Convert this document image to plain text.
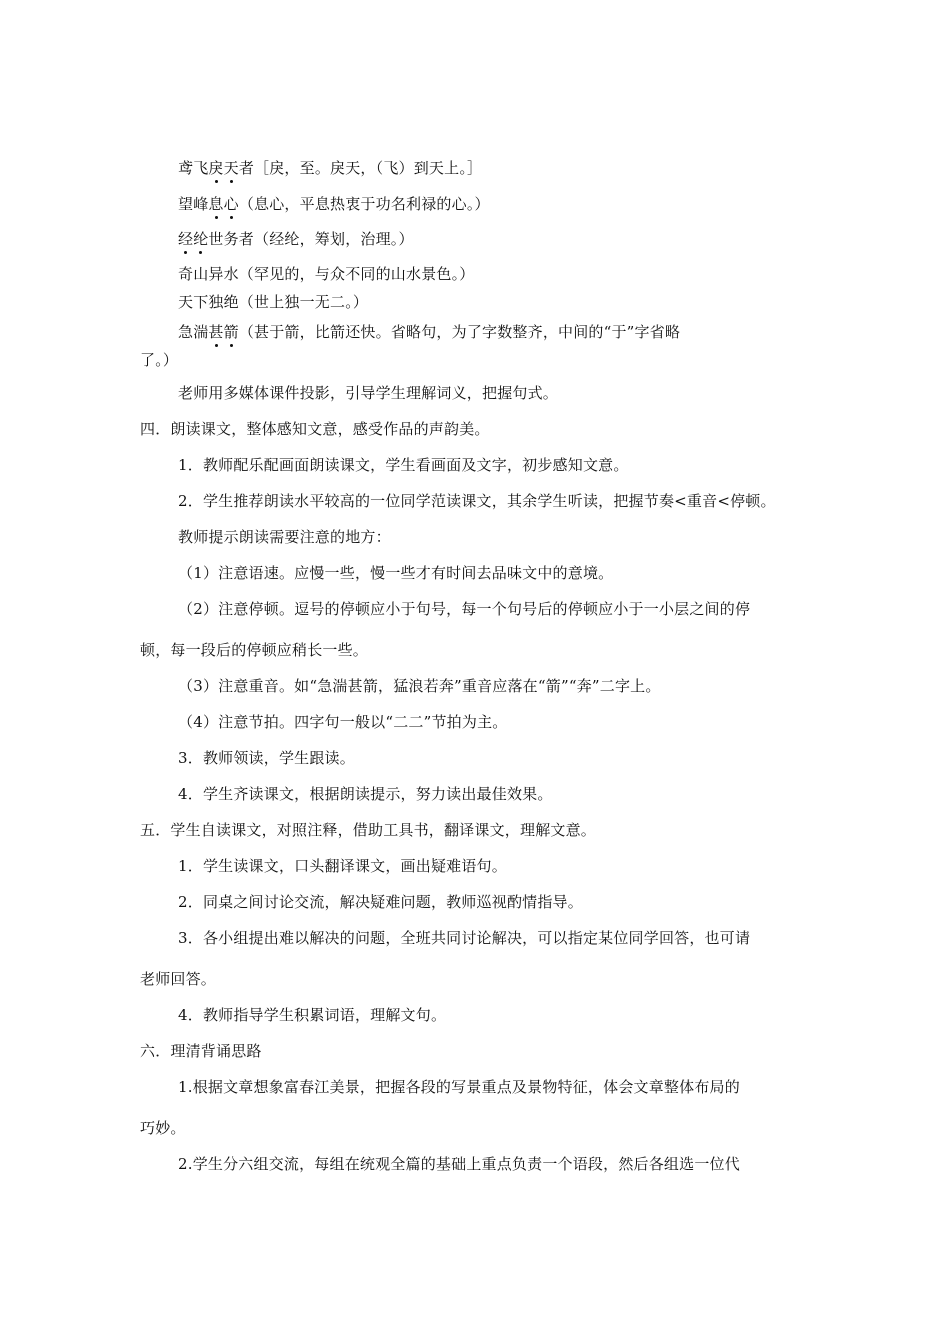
鸢飞戾天者［戾，至。戾天，（飞）到天上。］
望峰息心（息心，平息热衷于功名利禄的心。）
经纶世务者（经纶，筹划，治理。）
奇山异水（罕见的，与众不同的山水景色。）
天下独绝（世上独一无二。）
急湍甚箭（甚于箭，比箭还快。省略句，为了字数整齐，中间的“于”字省略
了。）
老师用多媒体课件投影，引导学生理解词义，把握句式。
四．朗读课文，整体感知文意，感受作品的声韵美。
1．教师配乐配画面朗读课文，学生看画面及文字，初步感知文意。
2．学生推荐朗读水平较高的一位同学范读课文，其余学生听读，把握节奏<重音<停顿。
教师提示朗读需要注意的地方：
（1）注意语速。应慢一些，慢一些才有时间去品味文中的意境。
（2）注意停顿。逗号的停顿应小于句号，每一个句号后的停顿应小于一小层之间的停
顿，每一段后的停顿应稍长一些。
（3）注意重音。如“急湍甚箭，猛浪若奔”重音应落在“箭”“奔”二字上。
（4）注意节拍。四字句一般以“二二”节拍为主。
3．教师领读，学生跟读。
4．学生齐读课文，根据朗读提示，努力读出最佳效果。
五．学生自读课文，对照注释，借助工具书，翻译课文，理解文意。
1．学生读课文，口头翻译课文，画出疑难语句。
2．同桌之间讨论交流，解决疑难问题，教师巡视酌情指导。
3．各小组提出难以解决的问题，全班共同讨论解决，可以指定某位同学回答，也可请
老师回答。
4．教师指导学生积累词语，理解文句。
六．理清背诵思路
1.根据文章想象富春江美景，把握各段的写景重点及景物特征，体会文章整体布局的
巧妙。
2.学生分六组交流，每组在统观全篇的基础上重点负责一个语段，然后各组选一位代
